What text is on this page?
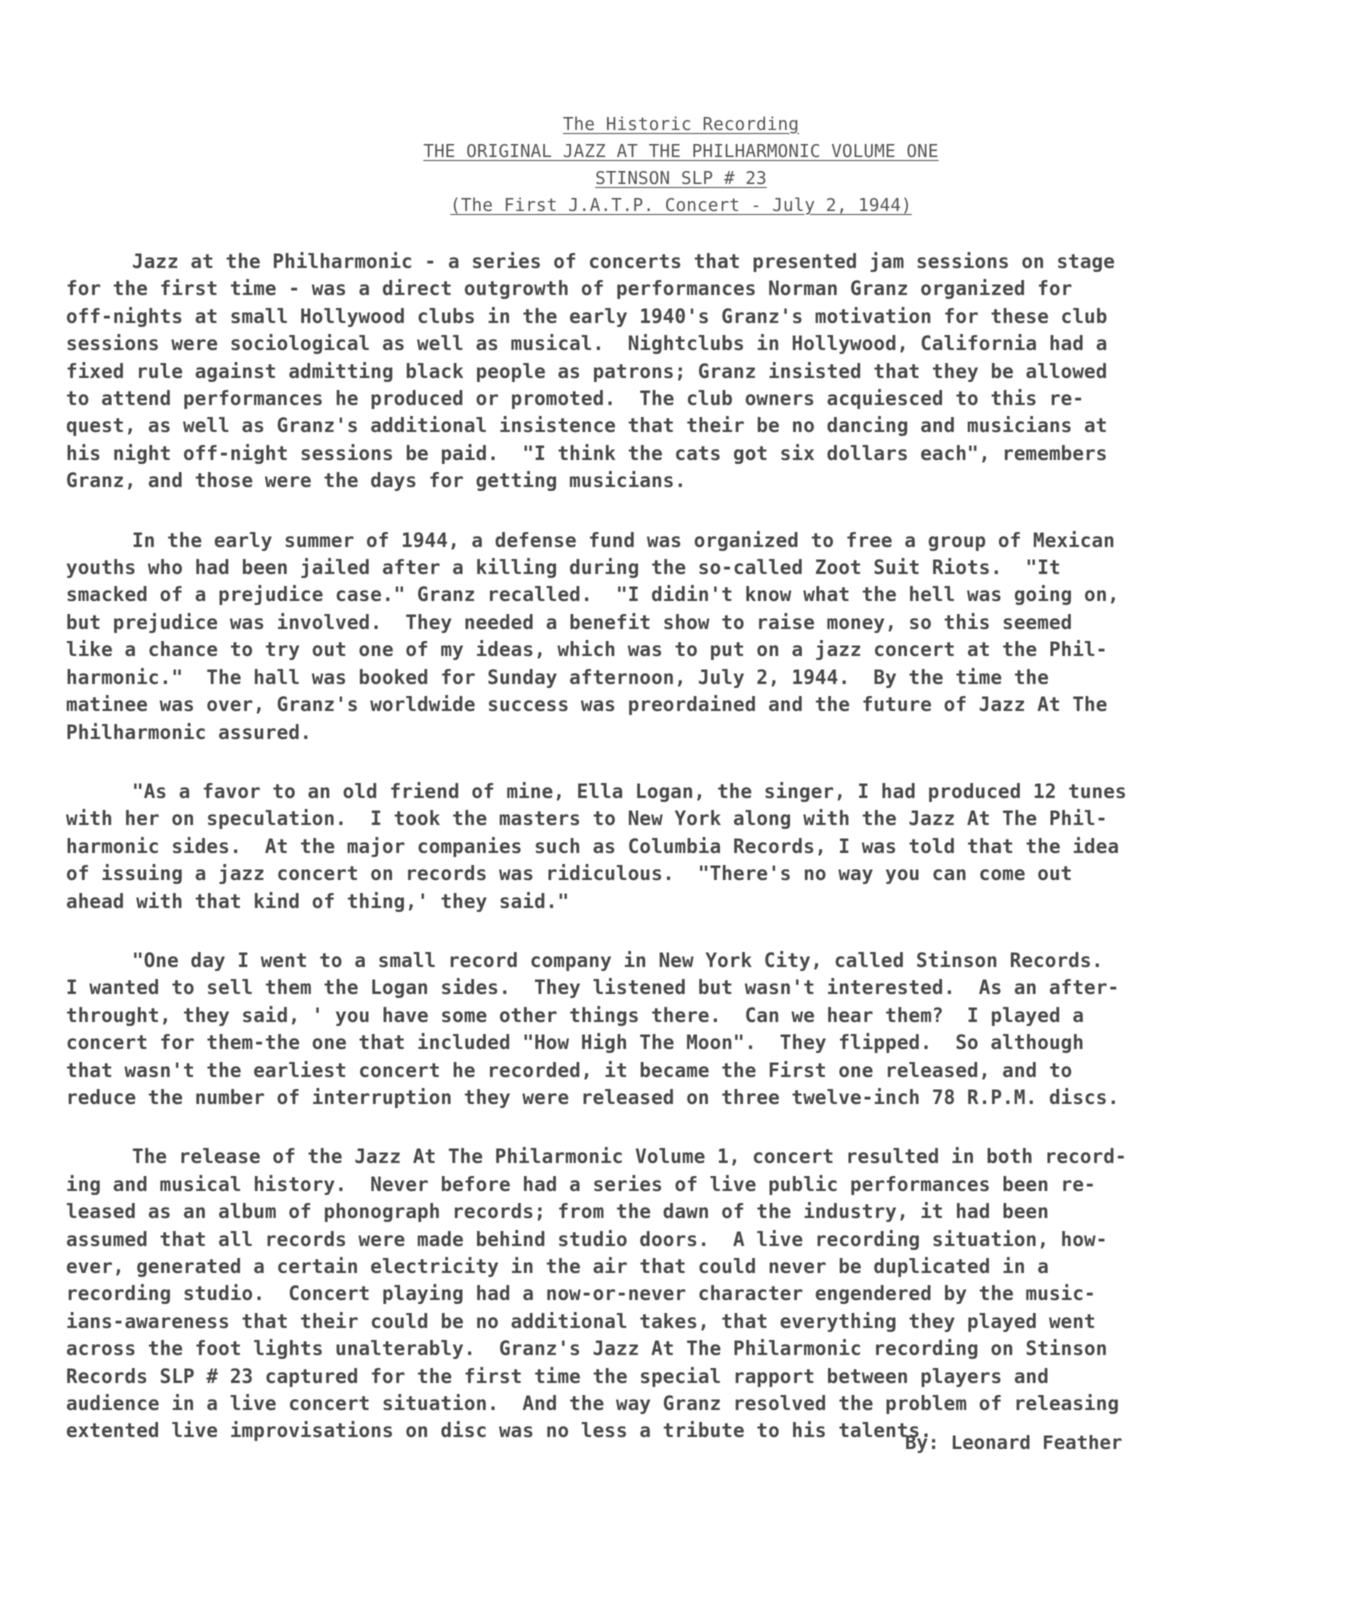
The Historic Recording
THE ORIGINAL JAZZ AT THE PHILHARMONIC VOLUME ONE
STINSON SLP # 23
(The First J.A.T.P. Concert - July 2, 1944)
Jazz at the Philharmonic - a series of concerts that presented jam sessions on stage
for the first time - was a direct outgrowth of performances Norman Granz organized for
off-nights at small Hollywood clubs in the early 1940's Granz's motivation for these club
sessions were sociological as well as musical.  Nightclubs in Hollywood, California had a
fixed rule against admitting black people as patrons; Granz insisted that they be allowed
to attend performances he produced or promoted.  The club owners acquiesced to this re-
quest, as well as Granz's additional insistence that their be no dancing and musicians at
his night off-night sessions be paid.  "I think the cats got six dollars each", remembers
Granz, and those were the days for getting musicians.
In the early summer of 1944, a defense fund was organized to free a group of Mexican
youths who had been jailed after a killing during the so-called Zoot Suit Riots.  "It
smacked of a prejudice case." Granz recalled.  "I didin't know what the hell was going on,
but prejudice was involved.  They needed a benefit show to raise money, so this seemed
like a chance to try out one of my ideas, which was to put on a jazz concert at the Phil-
harmonic."  The hall was booked for Sunday afternoon, July 2, 1944.  By the time the
matinee was over, Granz's worldwide success was preordained and the future of Jazz At The
Philharmonic assured.
"As a favor to an old friend of mine, Ella Logan, the singer, I had produced 12 tunes
with her on speculation.  I took the masters to New York along with the Jazz At The Phil-
harmonic sides.  At the major companies such as Columbia Records, I was told that the idea
of issuing a jazz concert on records was ridiculous.  "There's no way you can come out
ahead with that kind of thing,' they said."
"One day I went to a small record company in New York City, called Stinson Records.
I wanted to sell them the Logan sides.  They listened but wasn't interested.  As an after-
throught, they said, ' you have some other things there.  Can we hear them?  I played a
concert for them-the one that included "How High The Moon".  They flipped.  So although
that wasn't the earliest concert he recorded, it became the First one released, and to
reduce the number of interruption they were released on three twelve-inch 78 R.P.M. discs.
The release of the Jazz At The Philarmonic Volume 1, concert resulted in both record-
ing and musical history.  Never before had a series of live public performances been re-
leased as an album of phonograph records; from the dawn of the industry, it had been
assumed that all records were made behind studio doors.  A live recording situation, how-
ever, generated a certain electricity in the air that could never be duplicated in a
recording studio.  Concert playing had a now-or-never character engendered by the music-
ians-awareness that their could be no additional takes, that everything they played went
across the foot lights unalterably.  Granz's Jazz At The Philarmonic recording on Stinson
Records SLP # 23 captured for the first time the special rapport between players and
audience in a live concert situation.  And the way Granz resolved the problem of releasing
extented live improvisations on disc was no less a tribute to his talents.
By: Leonard Feather
